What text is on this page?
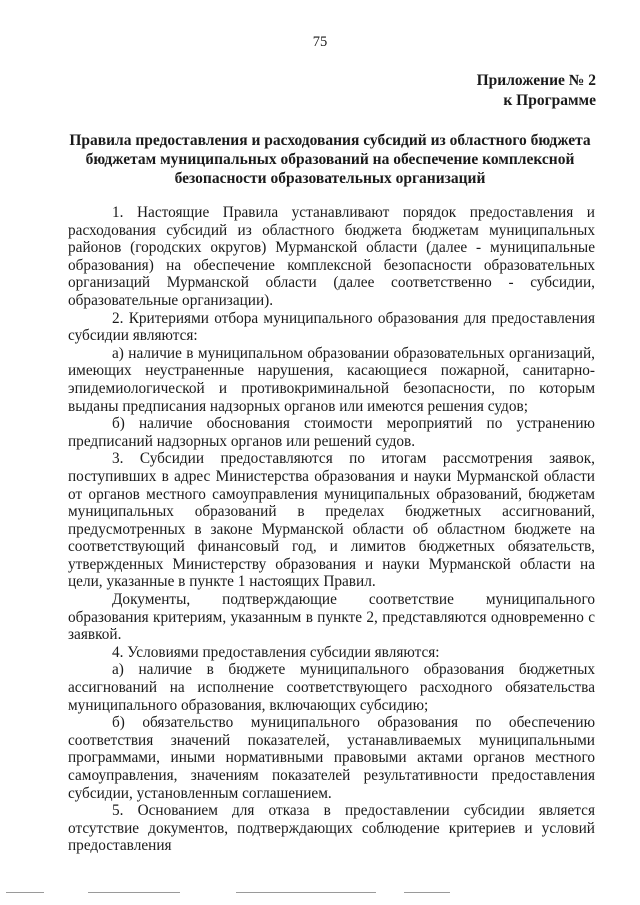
75
Приложение № 2
к Программе
Правила предоставления и расходования субсидий из областного бюджета
бюджетам муниципальных образований на обеспечение комплексной
безопасности образовательных организаций

1. Настоящие Правила устанавливают порядок предоставления и расходования субсидий из областного бюджета бюджетам муниципальных районов (городских округов) Мурманской области (далее - муниципальные образования) на обеспечение комплексной безопасности образовательных организаций Мурманской области (далее соответственно - субсидии, образовательные организации).

2. Критериями отбора муниципального образования для предоставления субсидии являются:

а) наличие в муниципальном образовании образовательных организаций, имеющих неустраненные нарушения, касающиеся пожарной, санитарно-эпидемиологической и противокриминальной безопасности, по которым выданы предписания надзорных органов или имеются решения судов;

б) наличие обоснования стоимости мероприятий по устранению предписаний надзорных органов или решений судов.

3. Субсидии предоставляются по итогам рассмотрения заявок, поступивших в адрес Министерства образования и науки Мурманской области от органов местного самоуправления муниципальных образований, бюджетам муниципальных образований в пределах бюджетных ассигнований, предусмотренных в законе Мурманской области об областном бюджете на соответствующий финансовый год, и лимитов бюджетных обязательств, утвержденных Министерству образования и науки Мурманской области на цели, указанные в пункте 1 настоящих Правил.

Документы, подтверждающие соответствие муниципального образования критериям, указанным в пункте 2, представляются одновременно с заявкой.

4. Условиями предоставления субсидии являются:

а) наличие в бюджете муниципального образования бюджетных ассигнований на исполнение соответствующего расходного обязательства муниципального образования, включающих субсидию;

б) обязательство муниципального образования по обеспечению соответствия значений показателей, устанавливаемых муниципальными программами, иными нормативными правовыми актами органов местного самоуправления, значениям показателей результативности предоставления субсидии, установленным соглашением.

5. Основанием для отказа в предоставлении субсидии является отсутствие документов, подтверждающих соблюдение критериев и условий предоставления
